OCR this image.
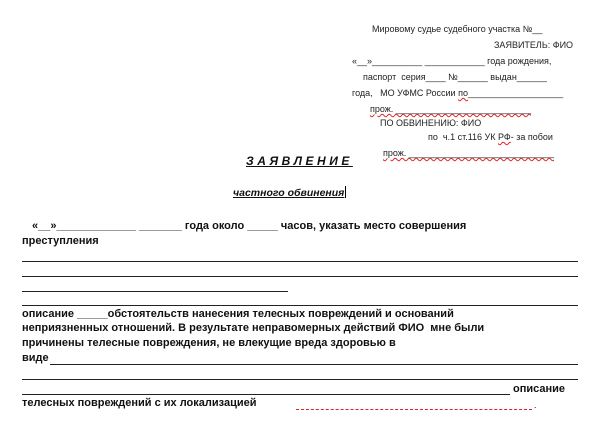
Мировому судье судебного участка №__
ЗАЯВИТЕЛЬ: ФИО
«__»__________ ____________ года рождения,
паспорт  серия____ №______ выдан______
года,   МО УФМС России по___________________
прож. ___________________________
ПО ОБВИНЕНИЮ: ФИО
по  ч.1 ст.116 УК РФ- за побои
прож. _____________________________
ЗАЯВЛЕНИЕ
частного обвинения
«__»_____________ _______ года около _____ часов, указать место совершения
преступления
описание _____обстоятельств нанесения телесных повреждений и оснований
неприязненных отношений. В результате неправомерных действий ФИО  мне были
причинены телесные повреждения, не влекущие вреда здоровью в
виде
описание
телесных повреждений с их локализацией	.
